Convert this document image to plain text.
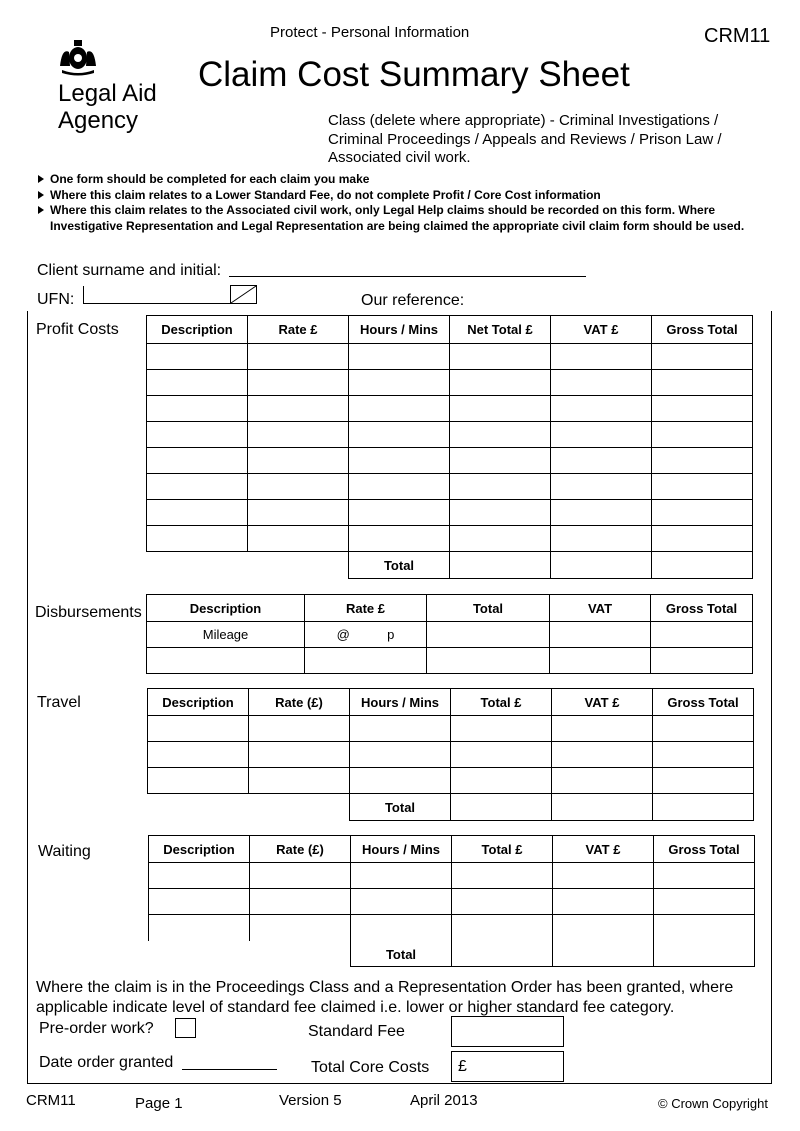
Protect - Personal Information	CRM11
Legal Aid
Agency
Claim Cost Summary Sheet
Class (delete where appropriate) - Criminal Investigations / Criminal Proceedings / Appeals and Reviews / Prison Law / Associated civil work.
One form should be completed for each claim you make
Where this claim relates to a Lower Standard Fee, do not complete Profit / Core Cost information
Where this claim relates to the Associated civil work, only Legal Help claims should be recorded on this form. Where Investigative Representation and Legal Representation are being claimed the appropriate civil claim form should be used.
Client surname and initial:
UFN:	Our reference:
Profit Costs	Description	Rate £	Hours / Mins	Net Total £	VAT £	Gross Total

		Total			
Disbursements	Description	Rate £	Total	VAT	Gross Total
Mileage	@ p			

Travel	Description	Rate (£)	Hours / Mins	Total £	VAT £	Gross Total

		Total			
Waiting	Description	Rate (£)	Hours / Mins	Total £	VAT £	Gross Total

		Total			
Where the claim is in the Proceedings Class and a Representation Order has been granted, where applicable indicate level of standard fee claimed i.e. lower or higher standard fee category.
Pre-order work?	Standard Fee
Date order granted	Total Core Costs £
CRM11	Page 1	Version 5	April 2013	© Crown Copyright
